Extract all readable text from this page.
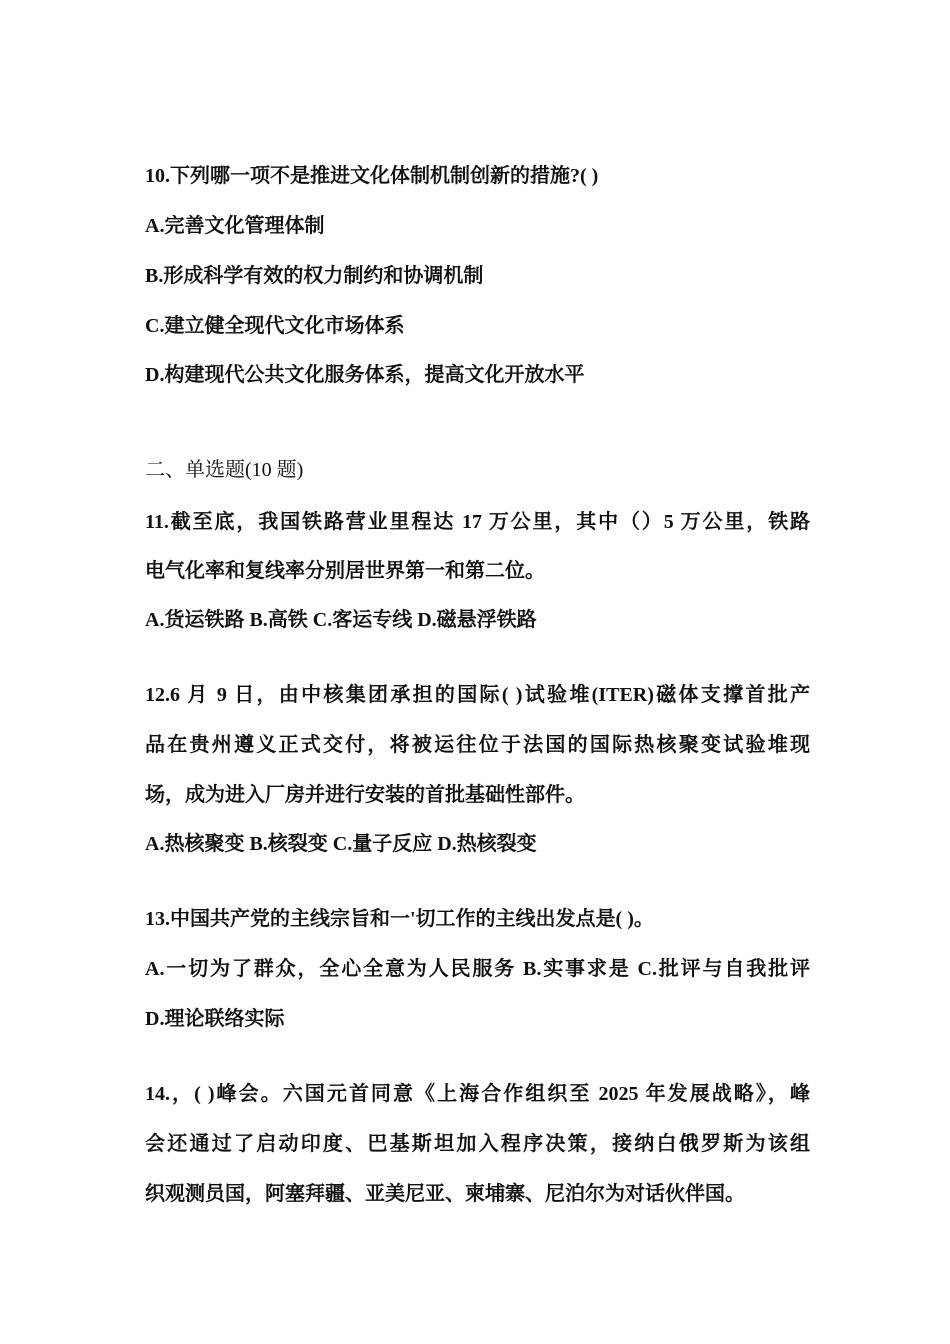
10.下列哪一项不是推进文化体制机制创新的措施?( )
A.完善文化管理体制
B.形成科学有效的权力制约和协调机制
C.建立健全现代文化市场体系
D.构建现代公共文化服务体系，提高文化开放水平
二、单选题(10 题)
11.截至底，我国铁路营业里程达 17 万公里，其中（）5 万公里，铁路
电气化率和复线率分别居世界第一和第二位。
A.货运铁路 B.高铁 C.客运专线 D.磁悬浮铁路
12.6 月 9 日，由中核集团承担的国际( )试验堆(ITER)磁体支撑首批产
品在贵州遵义正式交付，将被运往位于法国的国际热核聚变试验堆现
场，成为进入厂房并进行安装的首批基础性部件。
A.热核聚变 B.核裂变 C.量子反应 D.热核裂变
13.中国共产党的主线宗旨和一'切工作的主线出发点是( )。
A.一切为了群众，全心全意为人民服务 B.实事求是 C.批评与自我批评
D.理论联络实际
14.，( )峰会。六国元首同意《上海合作组织至 2025 年发展战略》，峰
会还通过了启动印度、巴基斯坦加入程序决策，接纳白俄罗斯为该组
织观测员国，阿塞拜疆、亚美尼亚、柬埔寨、尼泊尔为对话伙伴国。
